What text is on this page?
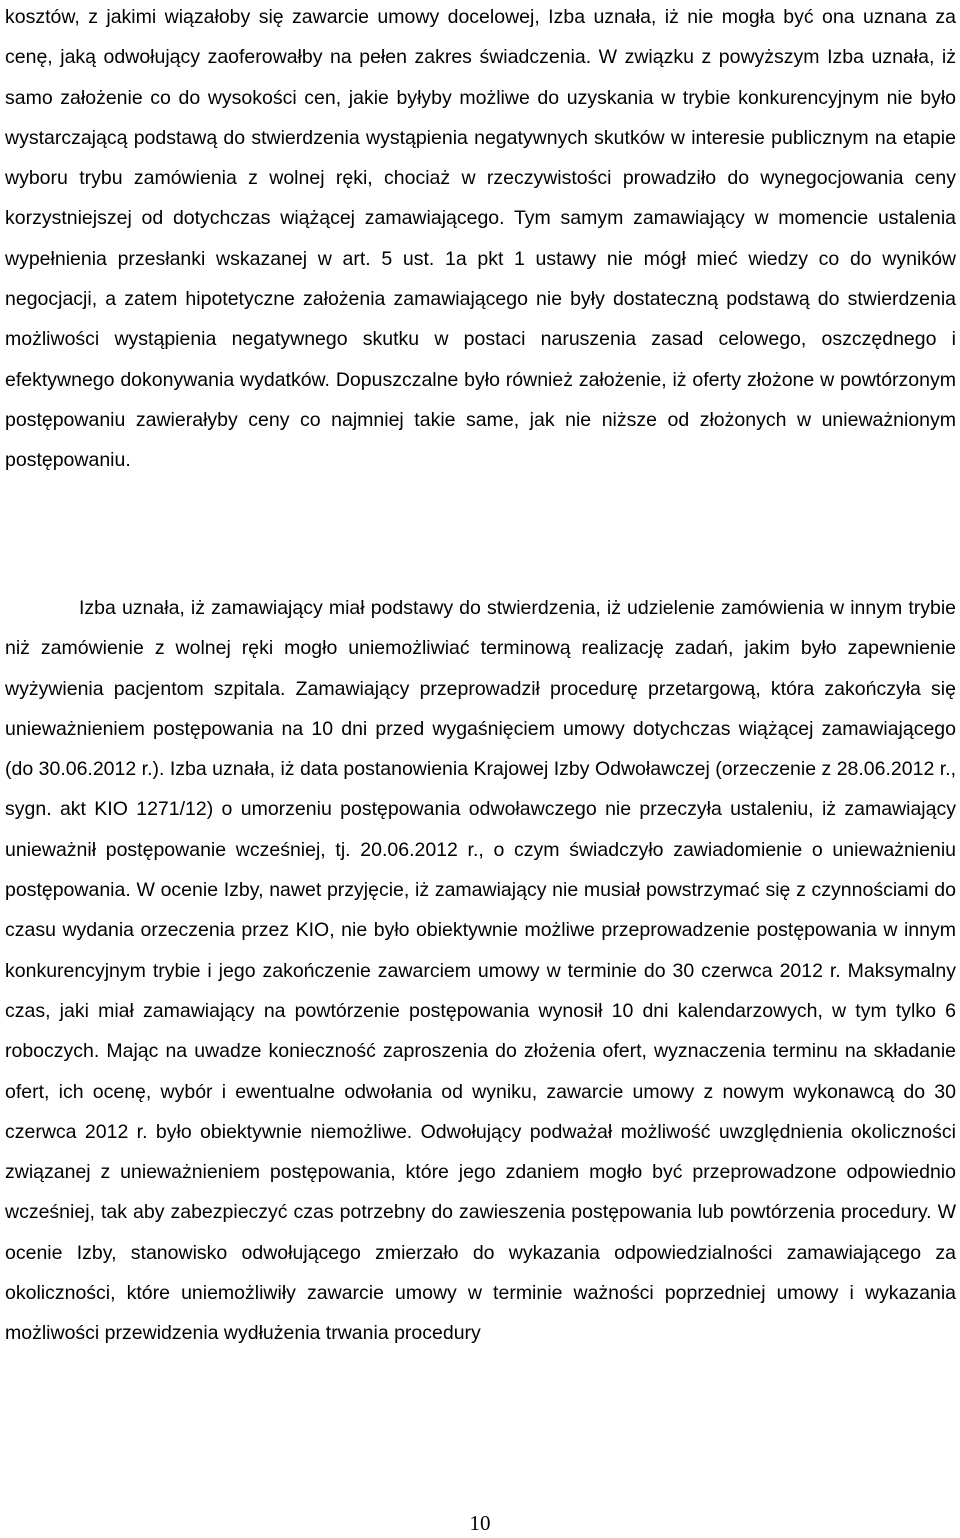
kosztów, z jakimi wiązałoby się zawarcie umowy docelowej, Izba uznała, iż nie mogła być ona uznana za cenę, jaką odwołujący zaoferowałby na pełen zakres świadczenia. W związku z powyższym Izba uznała, iż samo założenie co do wysokości cen, jakie byłyby możliwe do uzyskania w trybie konkurencyjnym nie było wystarczającą podstawą do stwierdzenia wystąpienia negatywnych skutków w interesie publicznym na etapie wyboru trybu zamówienia z wolnej ręki, chociaż w rzeczywistości prowadziło do wynegocjowania ceny korzystniejszej od dotychczas wiążącej zamawiającego. Tym samym zamawiający w momencie ustalenia wypełnienia przesłanki wskazanej w art. 5 ust. 1a pkt 1 ustawy nie mógł mieć wiedzy co do wyników negocjacji, a zatem hipotetyczne założenia zamawiającego nie były dostateczną podstawą do stwierdzenia możliwości wystąpienia negatywnego skutku w postaci naruszenia zasad celowego, oszczędnego i efektywnego dokonywania wydatków. Dopuszczalne było również założenie, iż oferty złożone w powtórzonym postępowaniu zawierałyby ceny co najmniej takie same, jak nie niższe od złożonych w unieważnionym postępowaniu.

Izba uznała, iż zamawiający miał podstawy do stwierdzenia, iż udzielenie zamówienia w innym trybie niż zamówienie z wolnej ręki mogło uniemożliwiać terminową realizację zadań, jakim było zapewnienie wyżywienia pacjentom szpitala. Zamawiający przeprowadził procedurę przetargową, która zakończyła się unieważnieniem postępowania na 10 dni przed wygaśnięciem umowy dotychczas wiążącej zamawiającego (do 30.06.2012 r.). Izba uznała, iż data postanowienia Krajowej Izby Odwoławczej (orzeczenie z 28.06.2012 r., sygn. akt KIO 1271/12) o umorzeniu postępowania odwoławczego nie przeczyła ustaleniu, iż zamawiający unieważnił postępowanie wcześniej, tj. 20.06.2012 r., o czym świadczyło zawiadomienie o unieważnieniu postępowania. W ocenie Izby, nawet przyjęcie, iż zamawiający nie musiał powstrzymać się z czynnościami do czasu wydania orzeczenia przez KIO, nie było obiektywnie możliwe przeprowadzenie postępowania w innym konkurencyjnym trybie i jego zakończenie zawarciem umowy w terminie do 30 czerwca 2012 r. Maksymalny czas, jaki miał zamawiający na powtórzenie postępowania wynosił 10 dni kalendarzowych, w tym tylko 6 roboczych. Mając na uwadze konieczność zaproszenia do złożenia ofert, wyznaczenia terminu na składanie ofert, ich ocenę, wybór i ewentualne odwołania od wyniku, zawarcie umowy z nowym wykonawcą do 30 czerwca 2012 r. było obiektywnie niemożliwe. Odwołujący podważał możliwość uwzględnienia okoliczności związanej z unieważnieniem postępowania, które jego zdaniem mogło być przeprowadzone odpowiednio wcześniej, tak aby zabezpieczyć czas potrzebny do zawieszenia postępowania lub powtórzenia procedury. W ocenie Izby, stanowisko odwołującego zmierzało do wykazania odpowiedzialności zamawiającego za okoliczności, które uniemożliwiły zawarcie umowy w terminie ważności poprzedniej umowy i wykazania możliwości przewidzenia wydłużenia trwania procedury

10
